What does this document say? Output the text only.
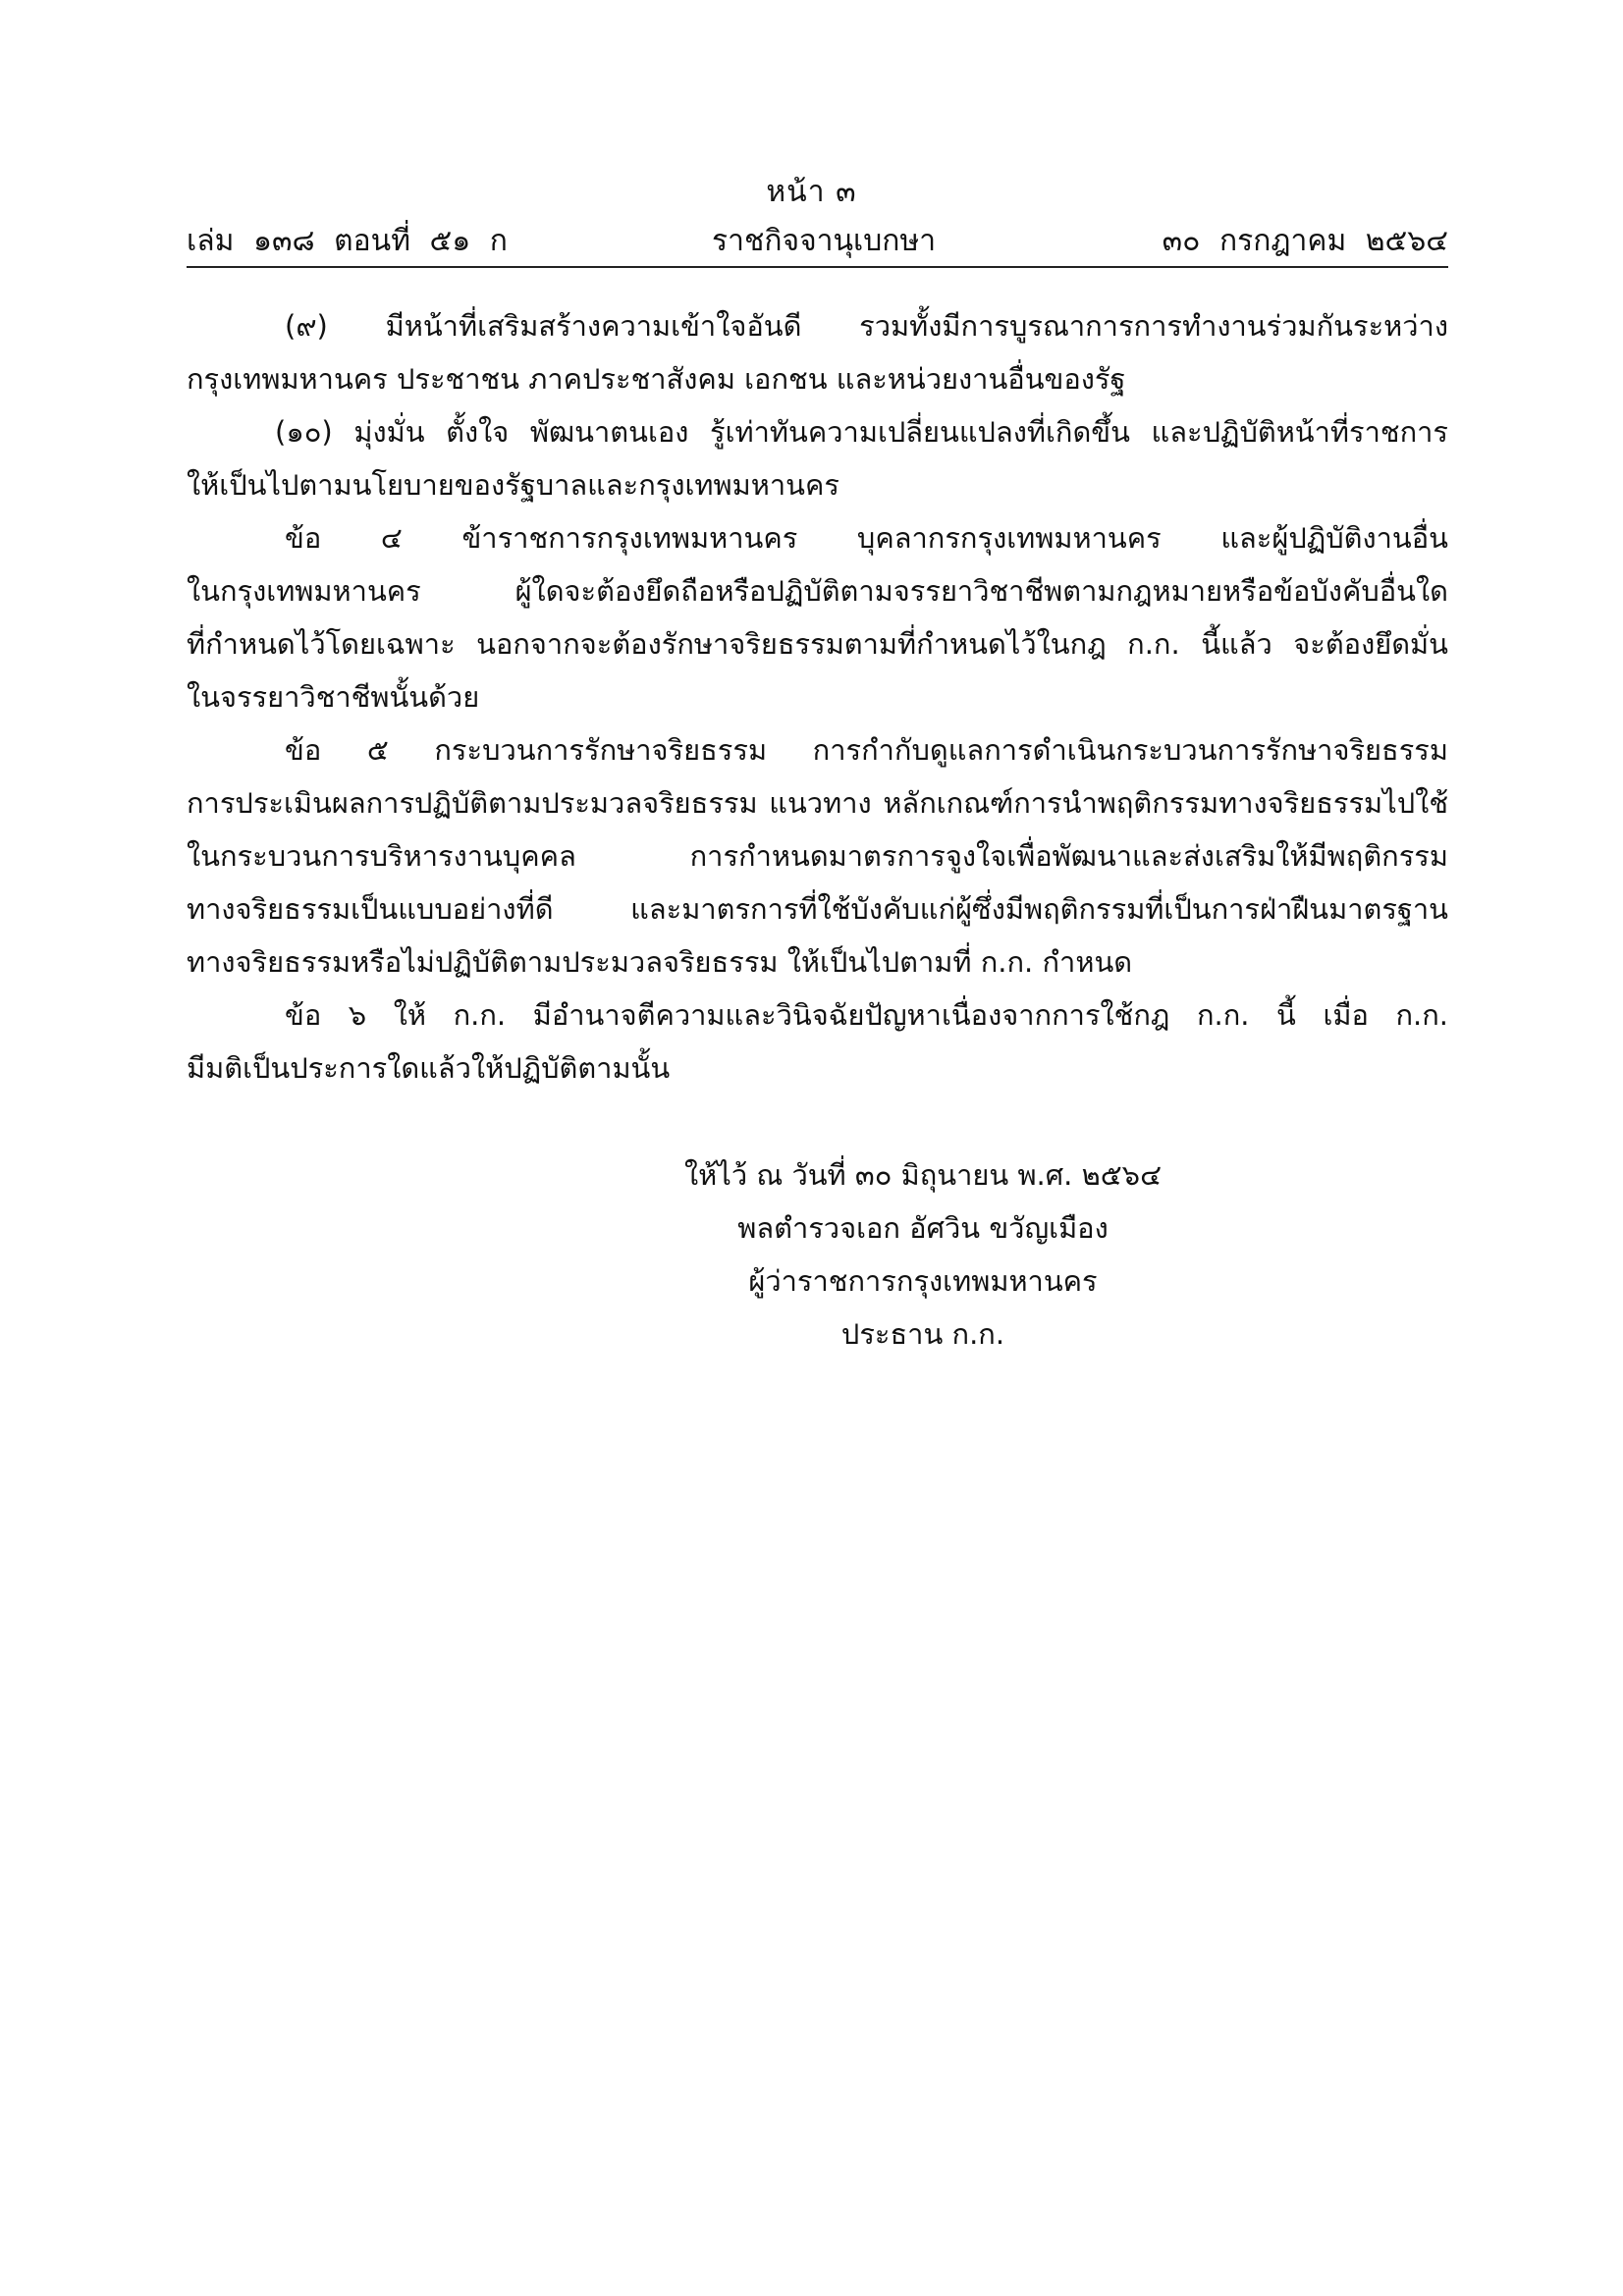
หน้า ๓
เล่ม ๑๓๘ ตอนที่ ๕๑ ก	ราชกิจจานุเบกษา	๓๐ กรกฎาคม ๒๕๖๔
(๙) มีหน้าที่เสริมสร้างความเข้าใจอันดี รวมทั้งมีการบูรณาการการทำงานร่วมกันระหว่าง
กรุงเทพมหานคร ประชาชน ภาคประชาสังคม เอกชน และหน่วยงานอื่นของรัฐ
(๑๐) มุ่งมั่น ตั้งใจ พัฒนาตนเอง รู้เท่าทันความเปลี่ยนแปลงที่เกิดขึ้น และปฏิบัติหน้าที่ราชการ
ให้เป็นไปตามนโยบายของรัฐบาลและกรุงเทพมหานคร
ข้อ ๔ ข้าราชการกรุงเทพมหานคร บุคลากรกรุงเทพมหานคร และผู้ปฏิบัติงานอื่น
ในกรุงเทพมหานคร ผู้ใดจะต้องยึดถือหรือปฏิบัติตามจรรยาวิชาชีพตามกฎหมายหรือข้อบังคับอื่นใด
ที่กำหนดไว้โดยเฉพาะ นอกจากจะต้องรักษาจริยธรรมตามที่กำหนดไว้ในกฎ ก.ก. นี้แล้ว จะต้องยึดมั่น
ในจรรยาวิชาชีพนั้นด้วย
ข้อ ๕ กระบวนการรักษาจริยธรรม การกำกับดูแลการดำเนินกระบวนการรักษาจริยธรรม
การประเมินผลการปฏิบัติตามประมวลจริยธรรม แนวทาง หลักเกณฑ์การนำพฤติกรรมทางจริยธรรมไปใช้
ในกระบวนการบริหารงานบุคคล การกำหนดมาตรการจูงใจเพื่อพัฒนาและส่งเสริมให้มีพฤติกรรม
ทางจริยธรรมเป็นแบบอย่างที่ดี และมาตรการที่ใช้บังคับแก่ผู้ซึ่งมีพฤติกรรมที่เป็นการฝ่าฝืนมาตรฐาน
ทางจริยธรรมหรือไม่ปฏิบัติตามประมวลจริยธรรม ให้เป็นไปตามที่ ก.ก. กำหนด
ข้อ ๖ ให้ ก.ก. มีอำนาจตีความและวินิจฉัยปัญหาเนื่องจากการใช้กฎ ก.ก. นี้ เมื่อ ก.ก.
มีมติเป็นประการใดแล้วให้ปฏิบัติตามนั้น
ให้ไว้ ณ วันที่ ๓๐ มิถุนายน พ.ศ. ๒๕๖๔
พลตำรวจเอก อัศวิน ขวัญเมือง
ผู้ว่าราชการกรุงเทพมหานคร
ประธาน ก.ก.
